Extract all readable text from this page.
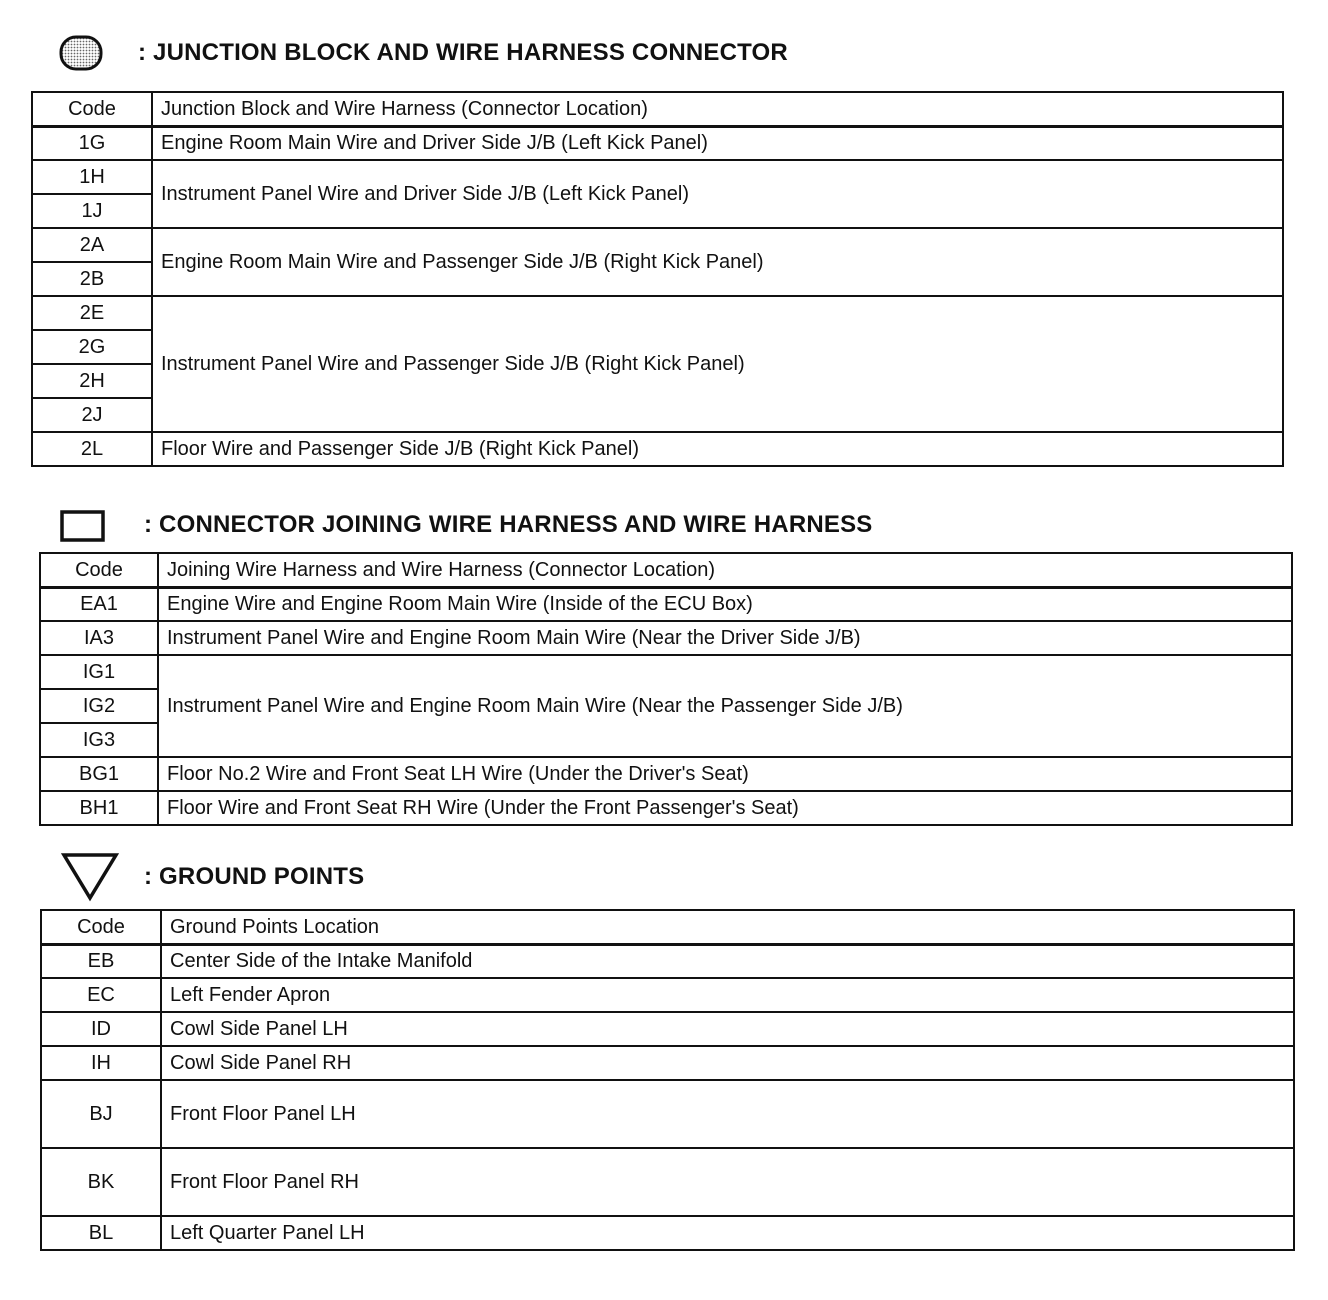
: JUNCTION BLOCK AND WIRE HARNESS CONNECTOR
Code	Junction Block and Wire Harness (Connector Location)
1G	Engine Room Main Wire and Driver Side J/B (Left Kick Panel)
1H	Instrument Panel Wire and Driver Side J/B (Left Kick Panel)
1J	
2A	Engine Room Main Wire and Passenger Side J/B (Right Kick Panel)
2B	
2E	Instrument Panel Wire and Passenger Side J/B (Right Kick Panel)
2G	
2H	
2J	
2L	Floor Wire and Passenger Side J/B (Right Kick Panel)
: CONNECTOR JOINING WIRE HARNESS AND WIRE HARNESS
Code	Joining Wire Harness and Wire Harness (Connector Location)
EA1	Engine Wire and Engine Room Main Wire (Inside of the ECU Box)
IA3	Instrument Panel Wire and Engine Room Main Wire (Near the Driver Side J/B)
IG1	Instrument Panel Wire and Engine Room Main Wire (Near the Passenger Side J/B)
IG2	
IG3	
BG1	Floor No.2 Wire and Front Seat LH Wire (Under the Driver's Seat)
BH1	Floor Wire and Front Seat RH Wire (Under the Front Passenger's Seat)
: GROUND POINTS
Code	Ground Points Location
EB	Center Side of the Intake Manifold
EC	Left Fender Apron
ID	Cowl Side Panel LH
IH	Cowl Side Panel RH
BJ	Front Floor Panel LH
BK	Front Floor Panel RH
BL	Left Quarter Panel LH
